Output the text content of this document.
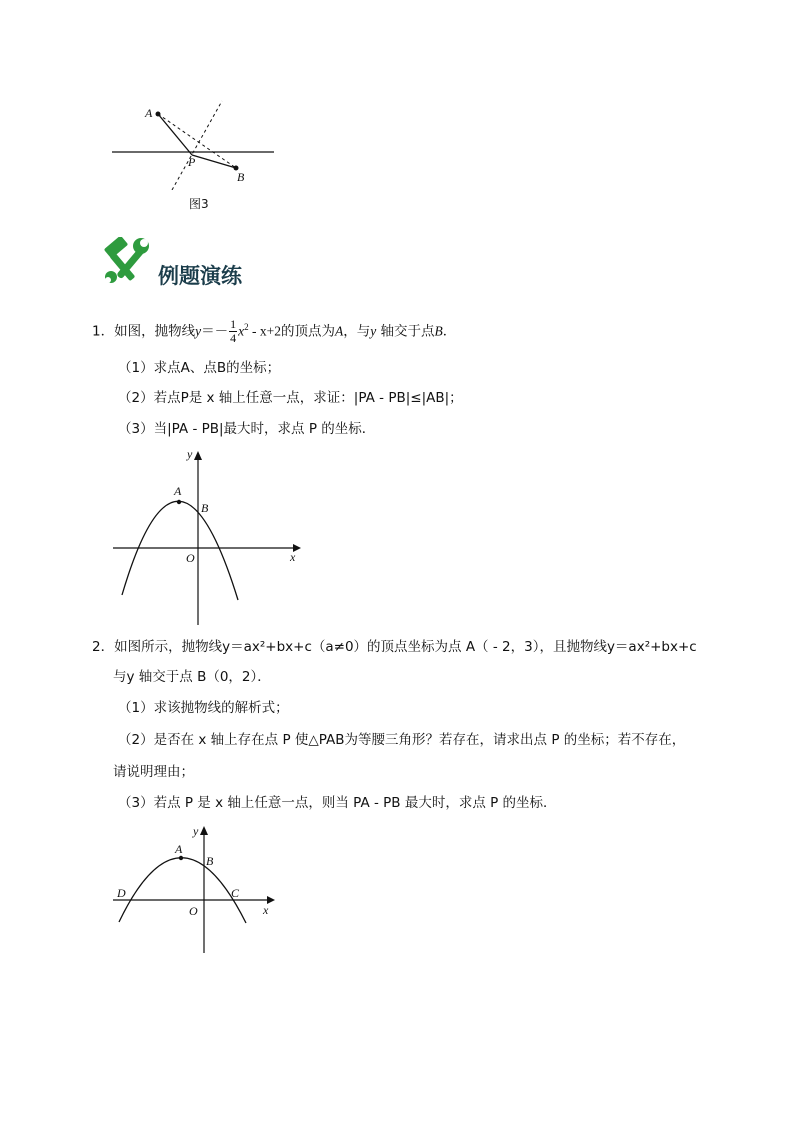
A
P
B
图3
例题演练
1．如图，抛物线$y=- \frac{1}{4} x^2 - x+2$的顶点为A，与y 轴交于点B．
（1）求点A、点B的坐标；
（2）若点P是 x 轴上任意一点，求证：|PA - PB|≤|AB|；
（3）当|PA - PB|最大时，求点 P 的坐标．
y
A
B
O	x
2．如图所示，抛物线y＝ax²+bx+c（a≠0）的顶点坐标为点 A（ - 2，3），且抛物线y＝ax²+bx+c
与y 轴交于点 B（0，2）．
（1）求该抛物线的解析式；
（2）是否在 x 轴上存在点 P 使△PAB为等腰三角形？若存在，请求出点 P 的坐标；若不存在，
请说明理由；
（3）若点 P 是 x 轴上任意一点，则当 PA - PB 最大时，求点 P 的坐标．
y
A
B
D	C
O	x
